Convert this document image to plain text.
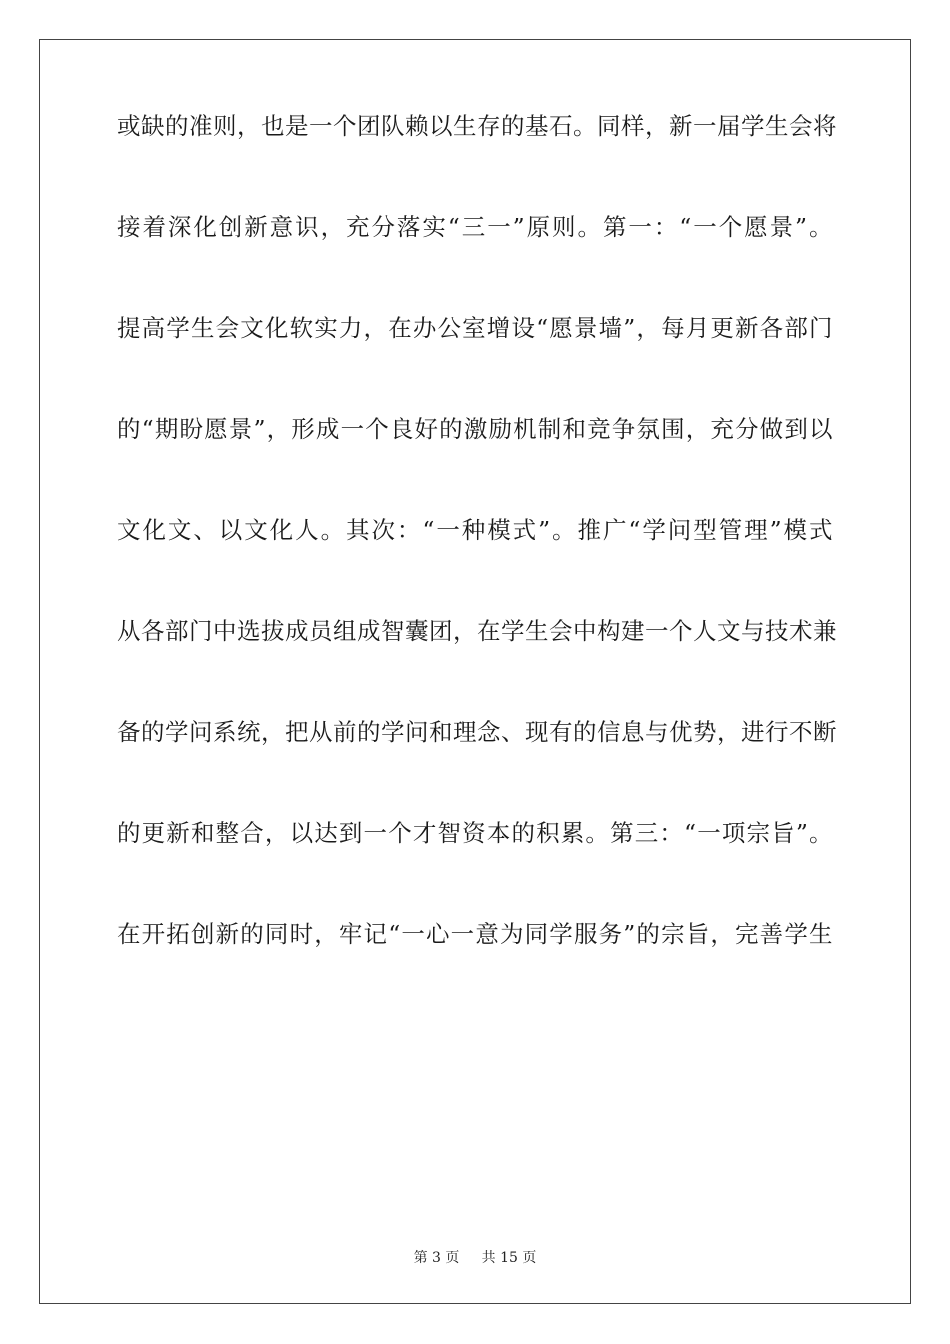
或缺的准则，也是一个团队赖以生存的基石。同样，新一届学生会将
接着深化创新意识，充分落实“三一”原则。第一：“一个愿景”。
提高学生会文化软实力，在办公室增设“愿景墙”，每月更新各部门
的“期盼愿景”，形成一个良好的激励机制和竞争氛围，充分做到以
文化文、以文化人。其次：“一种模式”。推广“学问型管理”模式
从各部门中选拔成员组成智囊团，在学生会中构建一个人文与技术兼
备的学问系统，把从前的学问和理念、现有的信息与优势，进行不断
的更新和整合，以达到一个才智资本的积累。第三：“一项宗旨”。
在开拓创新的同时，牢记“一心一意为同学服务”的宗旨，完善学生
第 3 页 共 15 页
